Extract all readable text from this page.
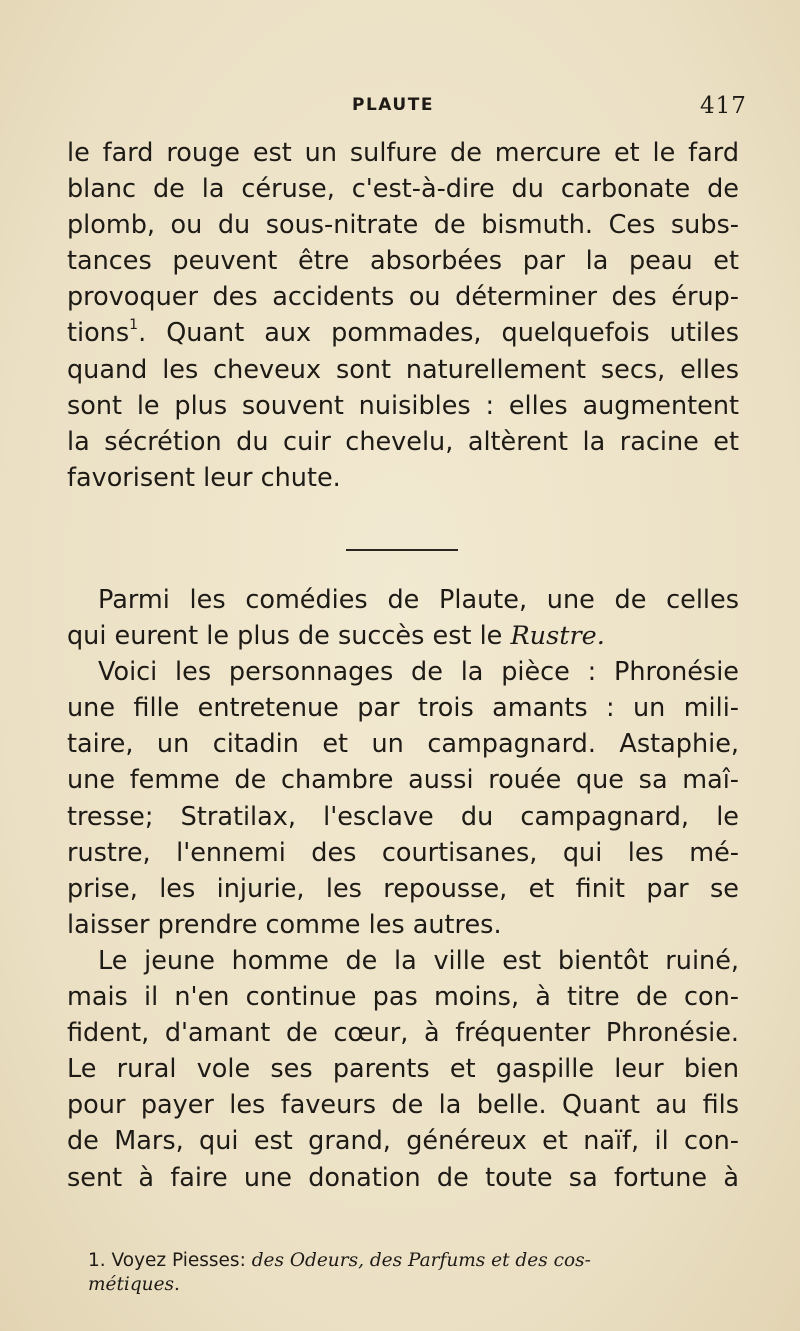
PLAUTE	417
le fard rouge est un sulfure de mercure et le fard
blanc de la céruse, c'est-à-dire du carbonate de
plomb, ou du sous-nitrate de bismuth. Ces subs-
tances peuvent être absorbées par la peau et
provoquer des accidents ou déterminer des érup-
tions$^1$ . Quant aux pommades, quelquefois utiles
quand les cheveux sont naturellement secs, elles
sont le plus souvent nuisibles : elles augmentent
la sécrétion du cuir chevelu, altèrent la racine et
favorisent leur chute.
Parmi les comédies de Plaute, une de celles
qui eurent le plus de succès est le Rustre.
Voici les personnages de la pièce : Phronésie
une fille entretenue par trois amants : un mili-
taire, un citadin et un campagnard. Astaphie,
une femme de chambre aussi rouée que sa maî-
tresse; Stratilax, l'esclave du campagnard, le
rustre, l'ennemi des courtisanes, qui les mé-
prise, les injurie, les repousse, et finit par se
laisser prendre comme les autres.
Le jeune homme de la ville est bientôt ruiné,
mais il n'en continue pas moins, à titre de con-
fident, d'amant de cœur, à fréquenter Phronésie.
Le rural vole ses parents et gaspille leur bien
pour payer les faveurs de la belle. Quant au fils
de Mars, qui est grand, généreux et naïf, il con-
sent à faire une donation de toute sa fortune à
1. Voyez Piesses: des Odeurs, des Parfums et des cos-
métiques.
